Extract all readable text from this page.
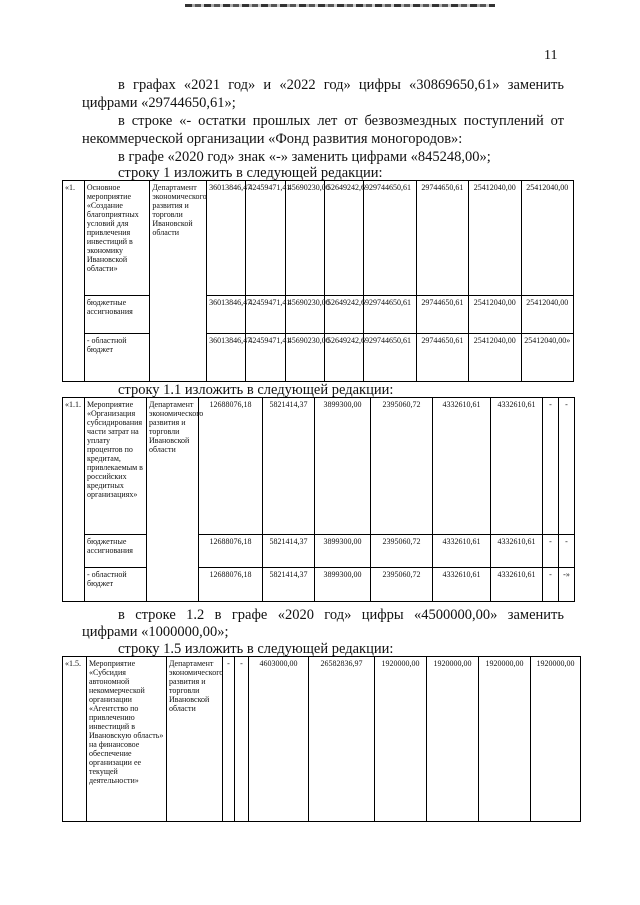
11
в графах «2021 год» и «2022 год» цифры «30869650,61» заменить
цифрами «29744650,61»;
в строке «- остатки прошлых лет от безвозмездных поступлений от
некоммерческой организации «Фонд развития моногородов»:
в графе «2020 год» знак «-» заменить цифрами «845248,00»;
строку 1 изложить в следующей редакции:
«1.	Основное мероприятие «Создание благоприятных условий для привлечения инвестиций в экономику Ивановской области»	Департамент экономического развития и торговли Ивановской области	36013846,47	42459471,41	45690230,00	52649242,69	29744650,61	29744650,61	25412040,00	25412040,00
	бюджетные ассигнования		36013846,47	42459471,41	45690230,00	52649242,69	29744650,61	29744650,61	25412040,00	25412040,00
	- областной бюджет		36013846,47	42459471,41	45690230,00	52649242,69	29744650,61	29744650,61	25412040,00	25412040,00»
строку 1.1 изложить в следующей редакции:
«1.1.	Мероприятие «Организация субсидирования части затрат на уплату процентов по кредитам, привлекаемым в российских кредитных организациях»	Департамент экономического развития и торговли Ивановской области	12688076,18	5821414,37	3899300,00	2395060,72	4332610,61	4332610,61	-	-
	бюджетные ассигнования		12688076,18	5821414,37	3899300,00	2395060,72	4332610,61	4332610,61	-	-
	- областной бюджет		12688076,18	5821414,37	3899300,00	2395060,72	4332610,61	4332610,61	-	-»
в строке 1.2 в графе «2020 год» цифры «4500000,00» заменить
цифрами «1000000,00»;
строку 1.5 изложить в следующей редакции:
«1.5.	Мероприятие «Субсидия автономной некоммерческой организации «Агентство по привлечению инвестиций в Ивановскую область» на финансовое обеспечение организации ее текущей деятельности»	Департамент экономического развития и торговли Ивановской области	-	-	4603000,00	26582836,97	1920000,00	1920000,00	1920000,00	1920000,00
